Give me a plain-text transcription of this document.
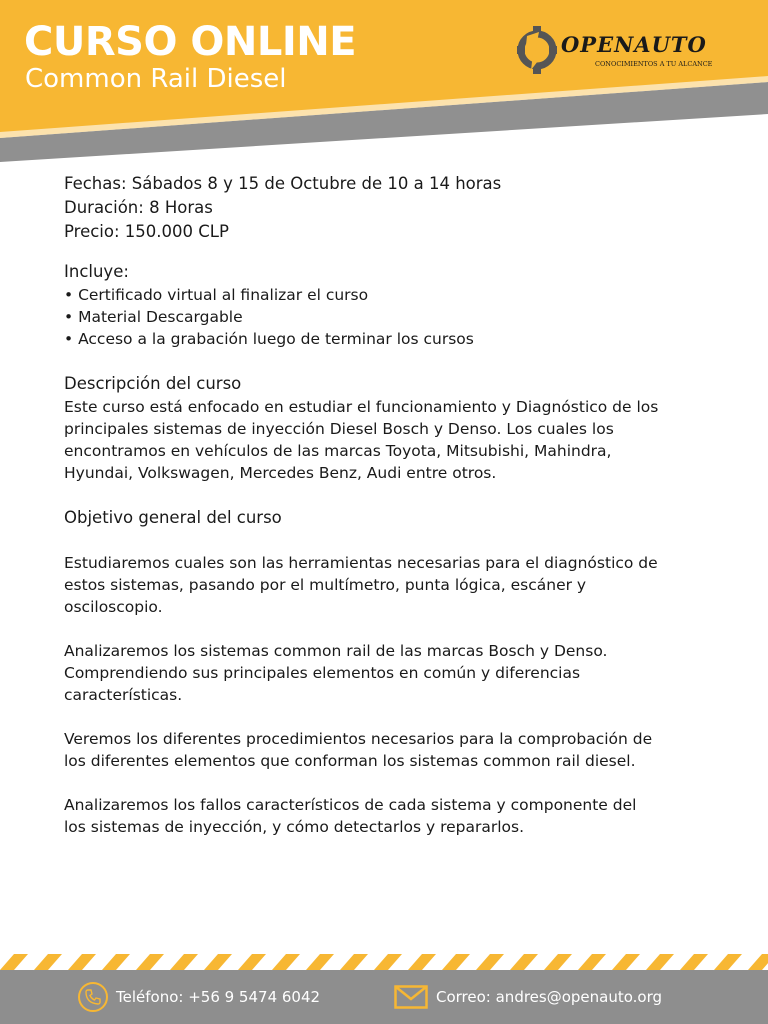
CURSO ONLINE
Common Rail Diesel
OPENAUTO
CONOCIMIENTOS A TU ALCANCE

Fechas: Sábados 8 y 15 de Octubre de 10 a 14 horas

Duración: 8 Horas

Precio: 150.000 CLP

Incluye:

• Certificado virtual al finalizar el curso

• Material Descargable

• Acceso a la grabación luego de terminar los cursos

Descripción del curso

Este curso está enfocado en estudiar el funcionamiento y Diagnóstico de los

principales sistemas de inyección Diesel Bosch y Denso. Los cuales los

encontramos en vehículos de las marcas Toyota, Mitsubishi, Mahindra,

Hyundai, Volkswagen, Mercedes Benz, Audi entre otros.

Objetivo general del curso

Estudiaremos cuales son las herramientas necesarias para el diagnóstico de

estos sistemas, pasando por el multímetro, punta lógica, escáner y

osciloscopio.

Analizaremos los sistemas common rail de las marcas Bosch y Denso.

Comprendiendo sus principales elementos en común y diferencias

características.

Veremos los diferentes procedimientos necesarios para la comprobación de

los diferentes elementos que conforman los sistemas common rail diesel.

Analizaremos los fallos característicos de cada sistema y componente del

los sistemas de inyección, y cómo detectarlos y repararlos.

Teléfono: +56 9 5474 6042	Correo: andres@openauto.org
